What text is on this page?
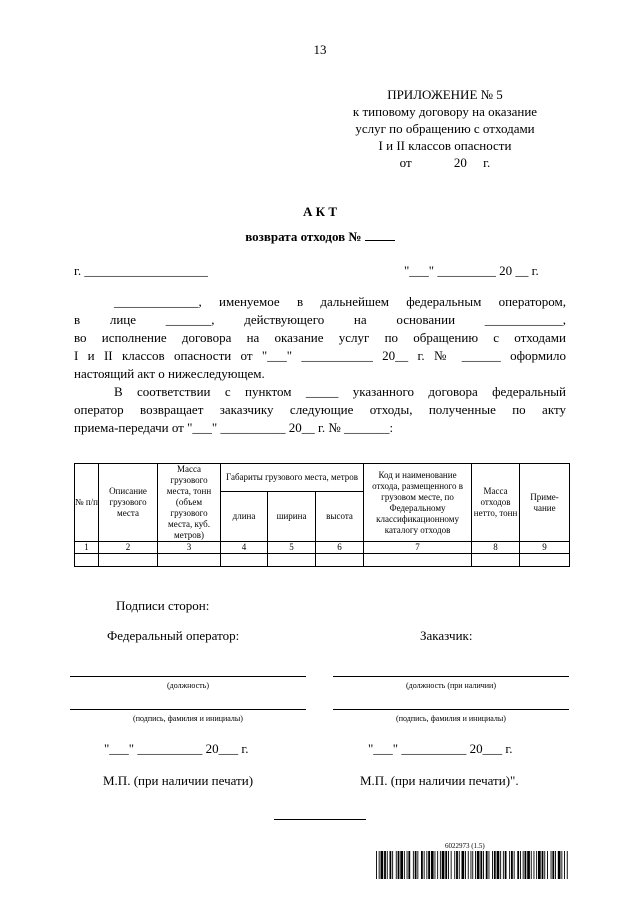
13
ПРИЛОЖЕНИЕ № 5
к типовому договору на оказание
услуг по обращению с отходами
I и II классов опасности
от             20     г.
А К Т
возврата отходов №
г. ___________________	"___" _________ 20 __ г.

_____________, именуемое в дальнейшем федеральным оператором,

в лице _______, действующего на основании ____________,

во исполнение договора на оказание услуг по обращению с отходами

I и II классов опасности от "___" ___________ 20__ г. № ______ оформило

настоящий акт о нижеследующем.

В соответствии с пунктом _____ указанного договора федеральный

оператор возвращает заказчику следующие отходы, полученные по акту

приема-передачи от "___" __________ 20__ г. № _______:

№ п/п	Описание грузового места	Масса грузового места, тонн (объем грузового места, куб. метров)	Габариты грузового места, метров			Код и наименование отхода, размещенного в грузовом месте, по Федеральному классификационному каталогу отходов	Масса отходов нетто, тонн	Приме-чание
			длина	ширина	высота			
1	2	3	4	5	6	7	8	9

Подписи сторон:
Федеральный оператор:	Заказчик:
(должность)	(должность (при наличии)
(подпись, фамилия и инициалы)	(подпись, фамилия и инициалы)
"___" __________ 20___ г.	"___" __________ 20___ г.
М.П. (при наличии печати)	М.П. (при наличии печати)".
6022973 (1.5)
